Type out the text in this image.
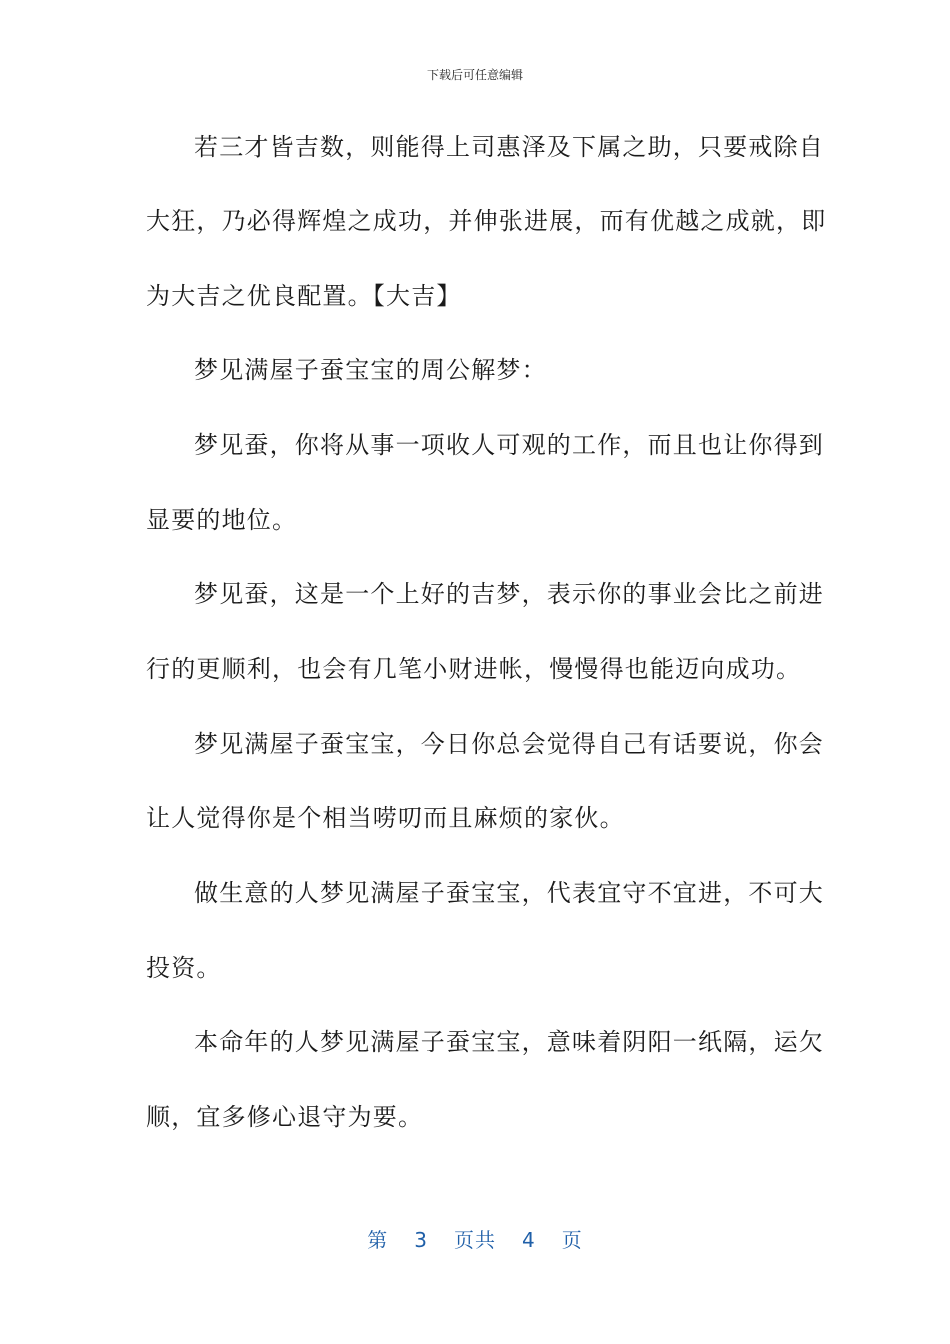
下载后可任意编辑
若三才皆吉数，则能得上司惠泽及下属之助，只要戒除自
大狂，乃必得辉煌之成功，并伸张进展，而有优越之成就，即
为大吉之优良配置。【大吉】
梦见满屋子蚕宝宝的周公解梦：
梦见蚕，你将从事一项收人可观的工作，而且也让你得到
显要的地位。
梦见蚕，这是一个上好的吉梦，表示你的事业会比之前进
行的更顺利，也会有几笔小财进帐，慢慢得也能迈向成功。
梦见满屋子蚕宝宝，今日你总会觉得自己有话要说，你会
让人觉得你是个相当唠叨而且麻烦的家伙。
做生意的人梦见满屋子蚕宝宝，代表宜守不宜进，不可大
投资。
本命年的人梦见满屋子蚕宝宝，意味着阴阳一纸隔，运欠
顺，宜多修心退守为要。
第 3 页共 4 页
